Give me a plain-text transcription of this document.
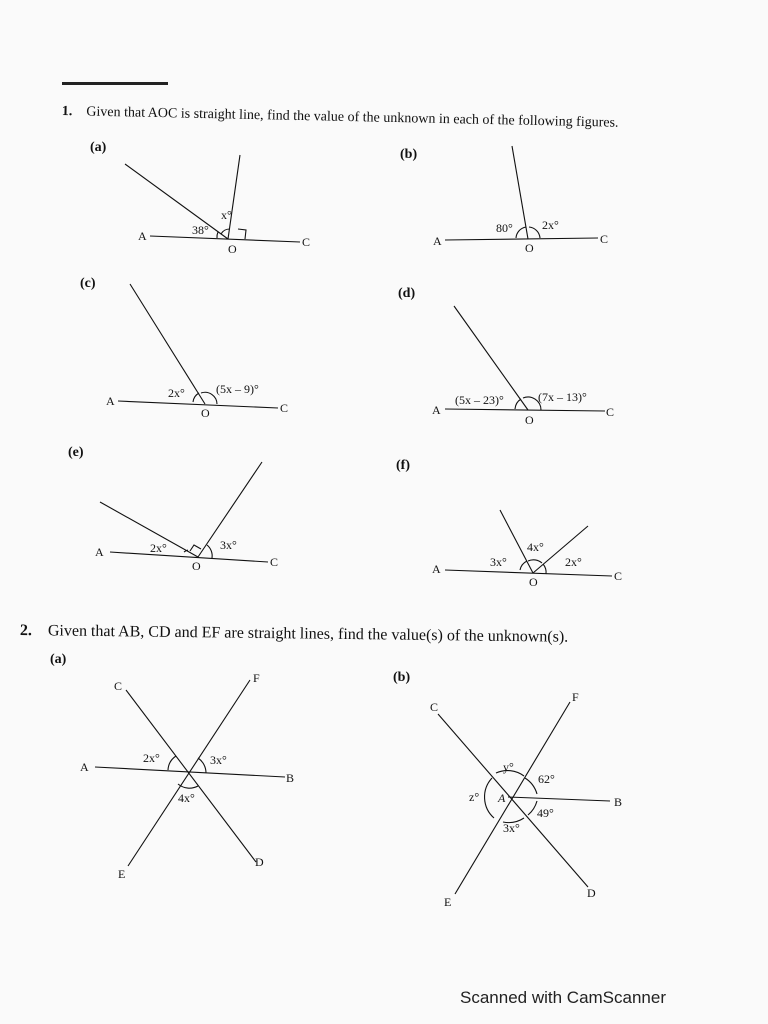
1. Given that AOC is straight line, find the value of the unknown in each of the following figures.
(a)	(b)
(c)
(d)
(e)
(f)
2. Given that AB, CD and EF are straight lines, find the value(s) of the unknown(s).
(a)
(b)
A
O	C
38°
x°
A	O
C
80° 2x°
A
O	C
2x°	(5x – 9)°
A
O
C
(5x – 23)°	(7x – 13)°
A
O	C
2x°	3x°
A
O	C
3x°
4x°
2x°
A
B
C
D
E
F
2x°	3x°
4x°	A	B
C
D
E
F
y°
62°
z°
49°
3x°
Scanned with CamScanner
